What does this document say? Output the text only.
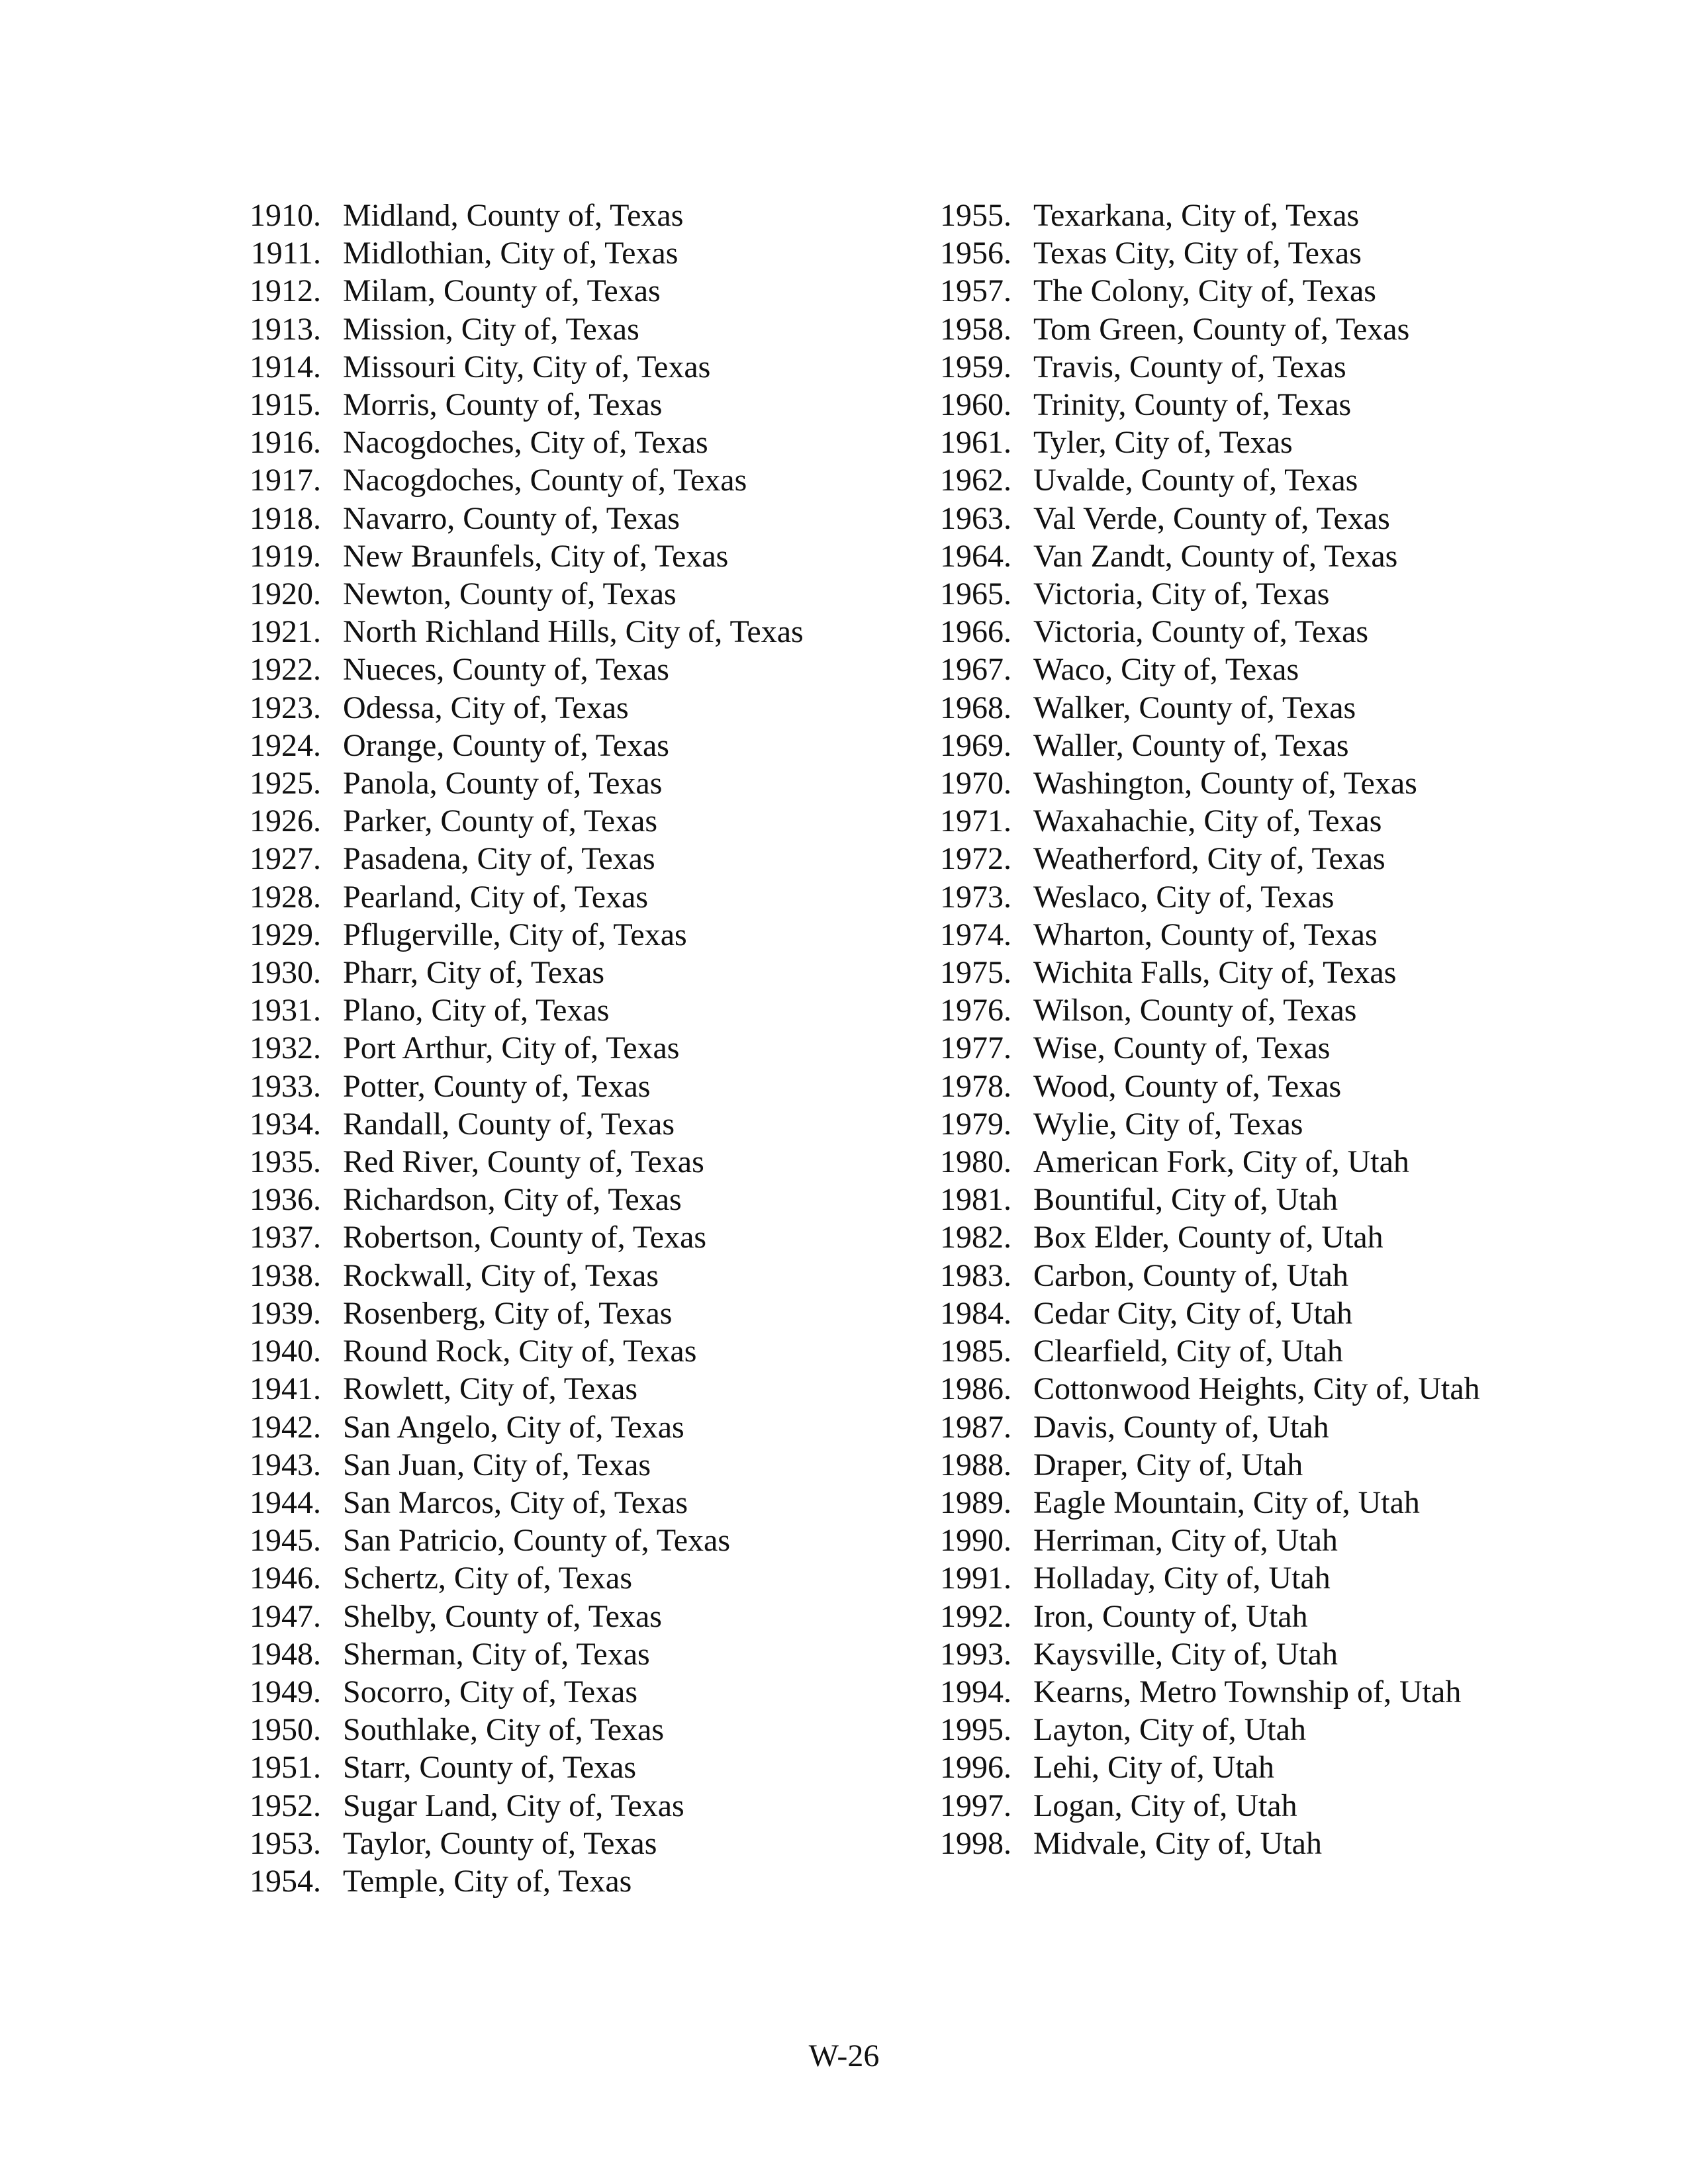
1910. Midland, County of, Texas
1911. Midlothian, City of, Texas
1912. Milam, County of, Texas
1913. Mission, City of, Texas
1914. Missouri City, City of, Texas
1915. Morris, County of, Texas
1916. Nacogdoches, City of, Texas
1917. Nacogdoches, County of, Texas
1918. Navarro, County of, Texas
1919. New Braunfels, City of, Texas
1920. Newton, County of, Texas
1921. North Richland Hills, City of, Texas
1922. Nueces, County of, Texas
1923. Odessa, City of, Texas
1924. Orange, County of, Texas
1925. Panola, County of, Texas
1926. Parker, County of, Texas
1927. Pasadena, City of, Texas
1928. Pearland, City of, Texas
1929. Pflugerville, City of, Texas
1930. Pharr, City of, Texas
1931. Plano, City of, Texas
1932. Port Arthur, City of, Texas
1933. Potter, County of, Texas
1934. Randall, County of, Texas
1935. Red River, County of, Texas
1936. Richardson, City of, Texas
1937. Robertson, County of, Texas
1938. Rockwall, City of, Texas
1939. Rosenberg, City of, Texas
1940. Round Rock, City of, Texas
1941. Rowlett, City of, Texas
1942. San Angelo, City of, Texas
1943. San Juan, City of, Texas
1944. San Marcos, City of, Texas
1945. San Patricio, County of, Texas
1946. Schertz, City of, Texas
1947. Shelby, County of, Texas
1948. Sherman, City of, Texas
1949. Socorro, City of, Texas
1950. Southlake, City of, Texas
1951. Starr, County of, Texas
1952. Sugar Land, City of, Texas
1953. Taylor, County of, Texas
1954. Temple, City of, Texas
1955. Texarkana, City of, Texas
1956. Texas City, City of, Texas
1957. The Colony, City of, Texas
1958. Tom Green, County of, Texas
1959. Travis, County of, Texas
1960. Trinity, County of, Texas
1961. Tyler, City of, Texas
1962. Uvalde, County of, Texas
1963. Val Verde, County of, Texas
1964. Van Zandt, County of, Texas
1965. Victoria, City of, Texas
1966. Victoria, County of, Texas
1967. Waco, City of, Texas
1968. Walker, County of, Texas
1969. Waller, County of, Texas
1970. Washington, County of, Texas
1971. Waxahachie, City of, Texas
1972. Weatherford, City of, Texas
1973. Weslaco, City of, Texas
1974. Wharton, County of, Texas
1975. Wichita Falls, City of, Texas
1976. Wilson, County of, Texas
1977. Wise, County of, Texas
1978. Wood, County of, Texas
1979. Wylie, City of, Texas
1980. American Fork, City of, Utah
1981. Bountiful, City of, Utah
1982. Box Elder, County of, Utah
1983. Carbon, County of, Utah
1984. Cedar City, City of, Utah
1985. Clearfield, City of, Utah
1986. Cottonwood Heights, City of, Utah
1987. Davis, County of, Utah
1988. Draper, City of, Utah
1989. Eagle Mountain, City of, Utah
1990. Herriman, City of, Utah
1991. Holladay, City of, Utah
1992. Iron, County of, Utah
1993. Kaysville, City of, Utah
1994. Kearns, Metro Township of, Utah
1995. Layton, City of, Utah
1996. Lehi, City of, Utah
1997. Logan, City of, Utah
1998. Midvale, City of, Utah
W-26
